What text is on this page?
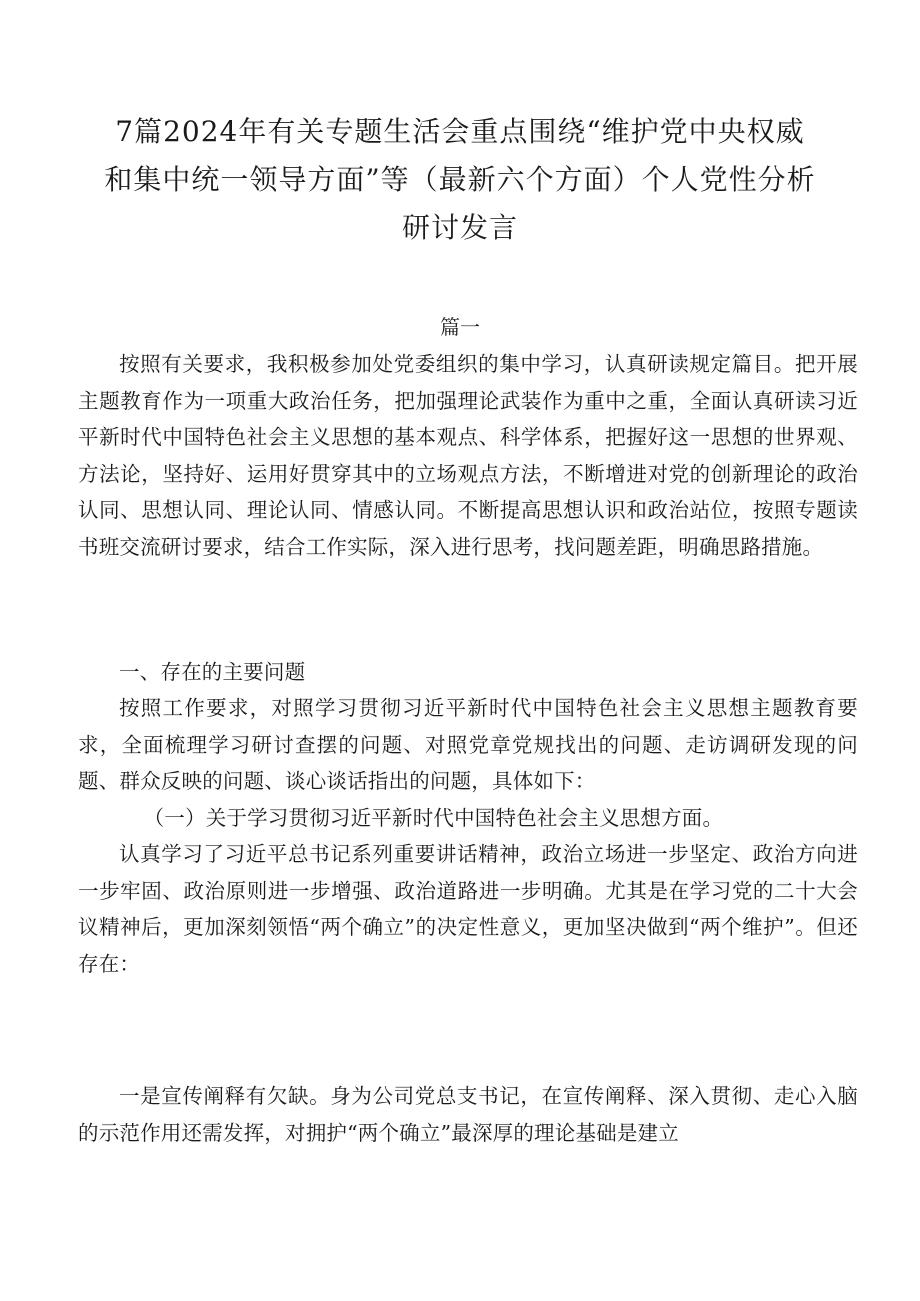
7篇2024年有关专题生活会重点围绕“维护党中央权威
和集中统一领导方面”等（最新六个方面）个人党性分析
研讨发言
篇一

按照有关要求，我积极参加处党委组织的集中学习，认真研读规定篇目。把开展主题教育作为一项重大政治任务，把加强理论武装作为重中之重，全面认真研读习近平新时代中国特色社会主义思想的基本观点、科学体系，把握好这一思想的世界观、方法论，坚持好、运用好贯穿其中的立场观点方法，不断增进对党的创新理论的政治认同、思想认同、理论认同、情感认同。不断提高思想认识和政治站位，按照专题读书班交流研讨要求，结合工作实际，深入进行思考，找问题差距，明确思路措施。

一、存在的主要问题

按照工作要求，对照学习贯彻习近平新时代中国特色社会主义思想主题教育要求，全面梳理学习研讨查摆的问题、对照党章党规找出的问题、走访调研发现的问题、群众反映的问题、谈心谈话指出的问题，具体如下：

（一）关于学习贯彻习近平新时代中国特色社会主义思想方面。

认真学习了习近平总书记系列重要讲话精神，政治立场进一步坚定、政治方向进一步牢固、政治原则进一步增强、政治道路进一步明确。尤其是在学习党的二十大会议精神后，更加深刻领悟“两个确立”的决定性意义，更加坚决做到“两个维护”。但还存在：

一是宣传阐释有欠缺。身为公司党总支书记，在宣传阐释、深入贯彻、走心入脑的示范作用还需发挥，对拥护“两个确立”最深厚的理论基础是建立
